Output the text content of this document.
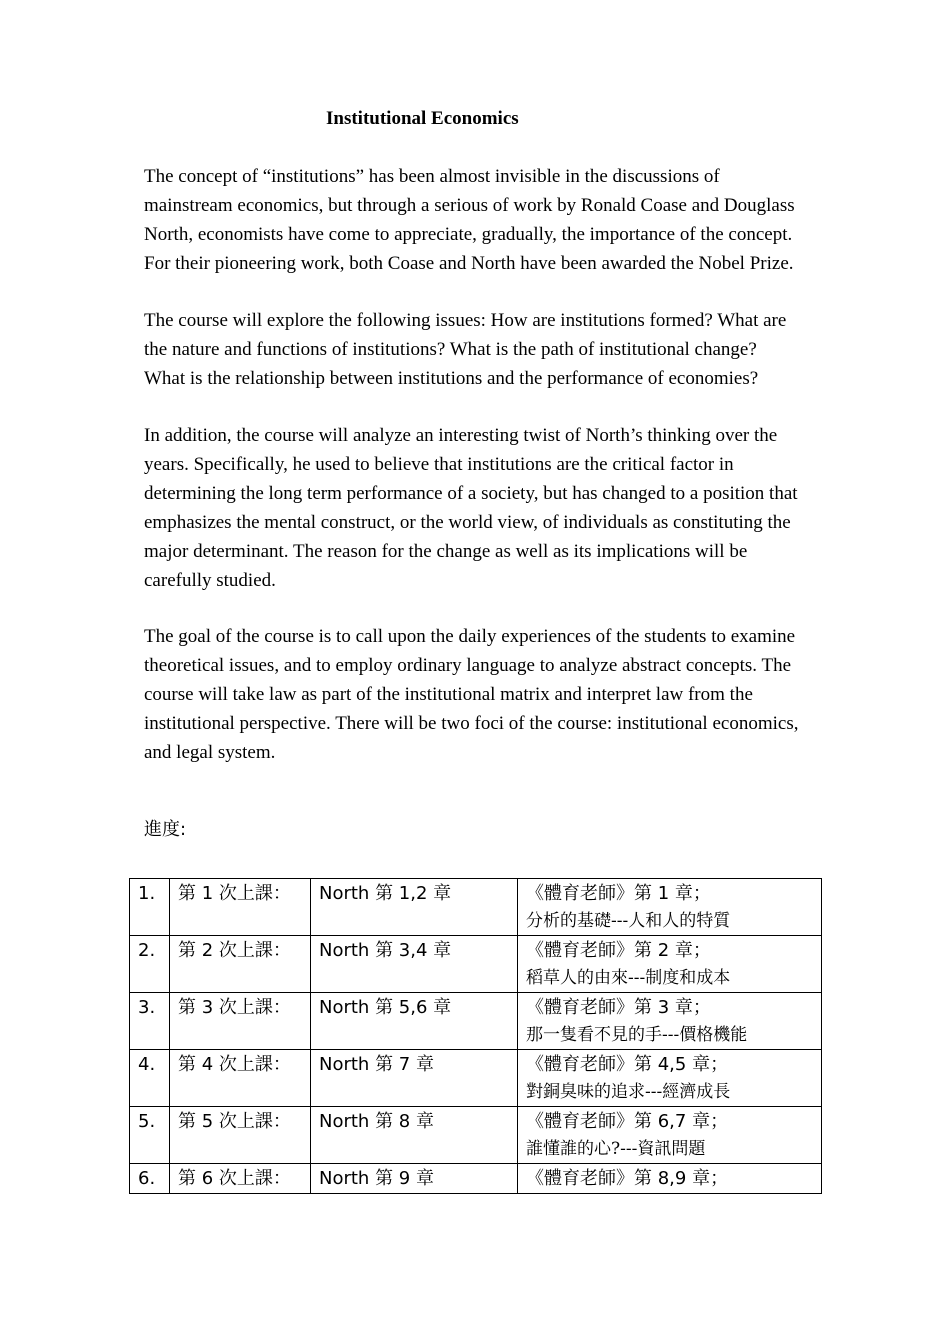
Institutional Economics

The concept of “institutions” has been almost invisible in the discussions of
mainstream economics, but through a serious of work by Ronald Coase and Douglass
North, economists have come to appreciate, gradually, the importance of the concept.
For their pioneering work, both Coase and North have been awarded the Nobel Prize.

The course will explore the following issues: How are institutions formed? What are
the nature and functions of institutions? What is the path of institutional change?
What is the relationship between institutions and the performance of economies?

In addition, the course will analyze an interesting twist of North’s thinking over the
years. Specifically, he used to believe that institutions are the critical factor in
determining the long term performance of a society, but has changed to a position that
emphasizes the mental construct, or the world view, of individuals as constituting the
major determinant. The reason for the change as well as its implications will be
carefully studied.

The goal of the course is to call upon the daily experiences of the students to examine
theoretical issues, and to employ ordinary language to analyze abstract concepts. The
course will take law as part of the institutional matrix and interpret law from the
institutional perspective. There will be two foci of the course: institutional economics,
and legal system.

進度:

1.	第 1 次上課：	North 第 1,2 章	《體育老師》第 1 章；
分析的基礎---人和人的特質

2.	第 2 次上課：	North 第 3,4 章	《體育老師》第 2 章；
稻草人的由來---制度和成本

3.	第 3 次上課：	North 第 5,6 章	《體育老師》第 3 章；
那一隻看不見的手---價格機能

4.	第 4 次上課：	North 第 7 章	《體育老師》第 4,5 章；
對銅臭味的追求---經濟成長

5.	第 5 次上課：	North 第 8 章	《體育老師》第 6,7 章；
誰懂誰的心?---資訊問題

6.	第 6 次上課：	North 第 9 章	《體育老師》第 8,9 章；
